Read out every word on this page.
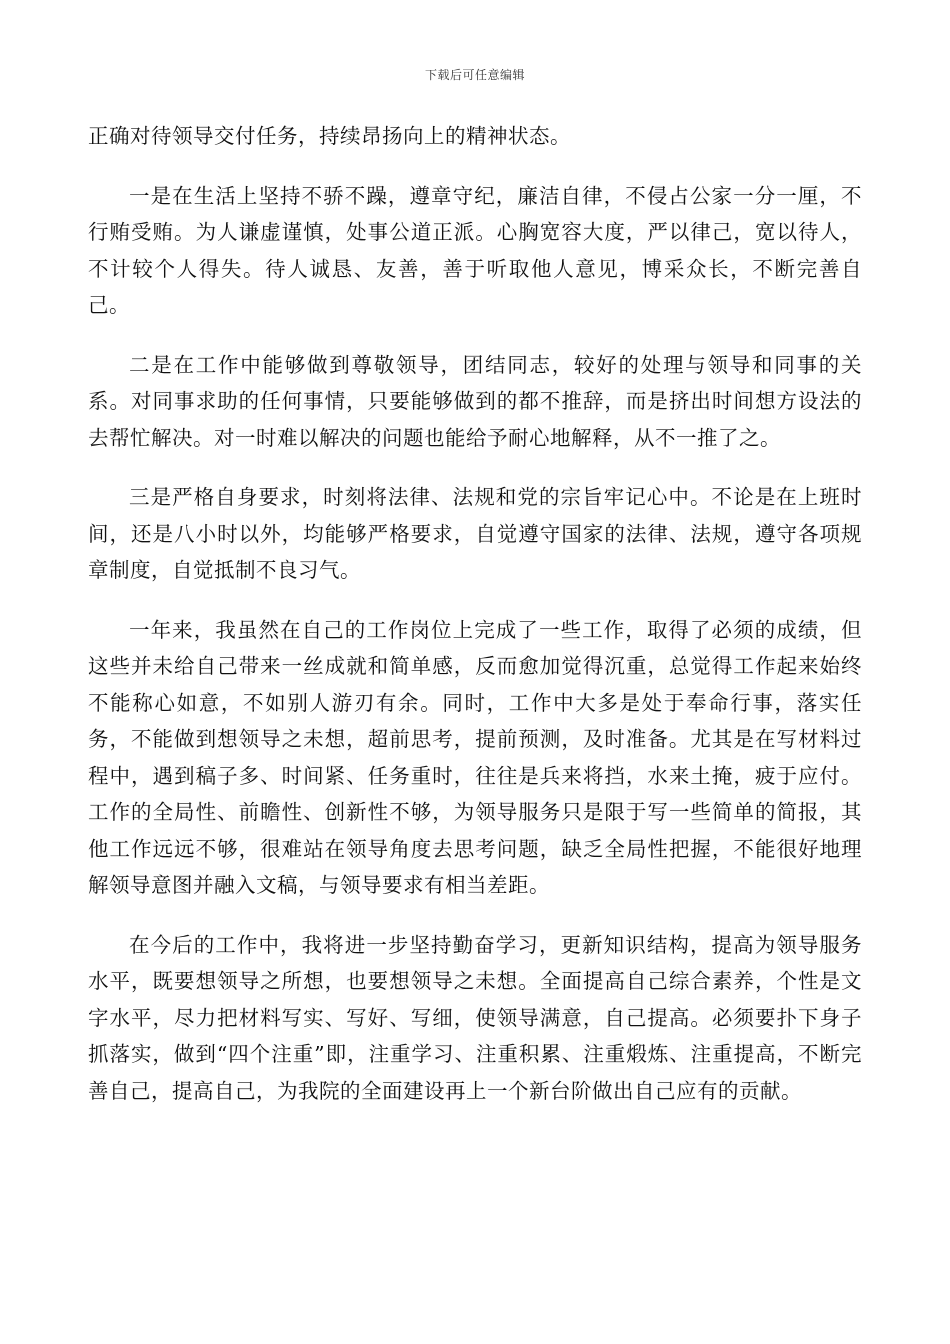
下载后可任意编辑

正确对待领导交付任务，持续昂扬向上的精神状态。

一是在生活上坚持不骄不躁，遵章守纪，廉洁自律，不侵占公家一分一厘，不行贿受贿。为人谦虚谨慎，处事公道正派。心胸宽容大度，严以律己，宽以待人，不计较个人得失。待人诚恳、友善，善于听取他人意见，博采众长，不断完善自己。

二是在工作中能够做到尊敬领导，团结同志，较好的处理与领导和同事的关系。对同事求助的任何事情，只要能够做到的都不推辞，而是挤出时间想方设法的去帮忙解决。对一时难以解决的问题也能给予耐心地解释，从不一推了之。

三是严格自身要求，时刻将法律、法规和党的宗旨牢记心中。不论是在上班时间，还是八小时以外，均能够严格要求，自觉遵守国家的法律、法规，遵守各项规章制度，自觉抵制不良习气。

一年来，我虽然在自己的工作岗位上完成了一些工作，取得了必须的成绩，但这些并未给自己带来一丝成就和简单感，反而愈加觉得沉重，总觉得工作起来始终不能称心如意，不如别人游刃有余。同时，工作中大多是处于奉命行事，落实任务，不能做到想领导之未想，超前思考，提前预测，及时准备。尤其是在写材料过程中，遇到稿子多、时间紧、任务重时，往往是兵来将挡，水来土掩，疲于应付。工作的全局性、前瞻性、创新性不够，为领导服务只是限于写一些简单的简报，其他工作远远不够，很难站在领导角度去思考问题，缺乏全局性把握，不能很好地理解领导意图并融入文稿，与领导要求有相当差距。

在今后的工作中，我将进一步坚持勤奋学习，更新知识结构，提高为领导服务水平，既要想领导之所想，也要想领导之未想。全面提高自己综合素养，个性是文字水平，尽力把材料写实、写好、写细，使领导满意，自己提高。必须要扑下身子抓落实，做到“四个注重”即，注重学习、注重积累、注重煅炼、注重提高，不断完善自己，提高自己，为我院的全面建设再上一个新台阶做出自己应有的贡献。
